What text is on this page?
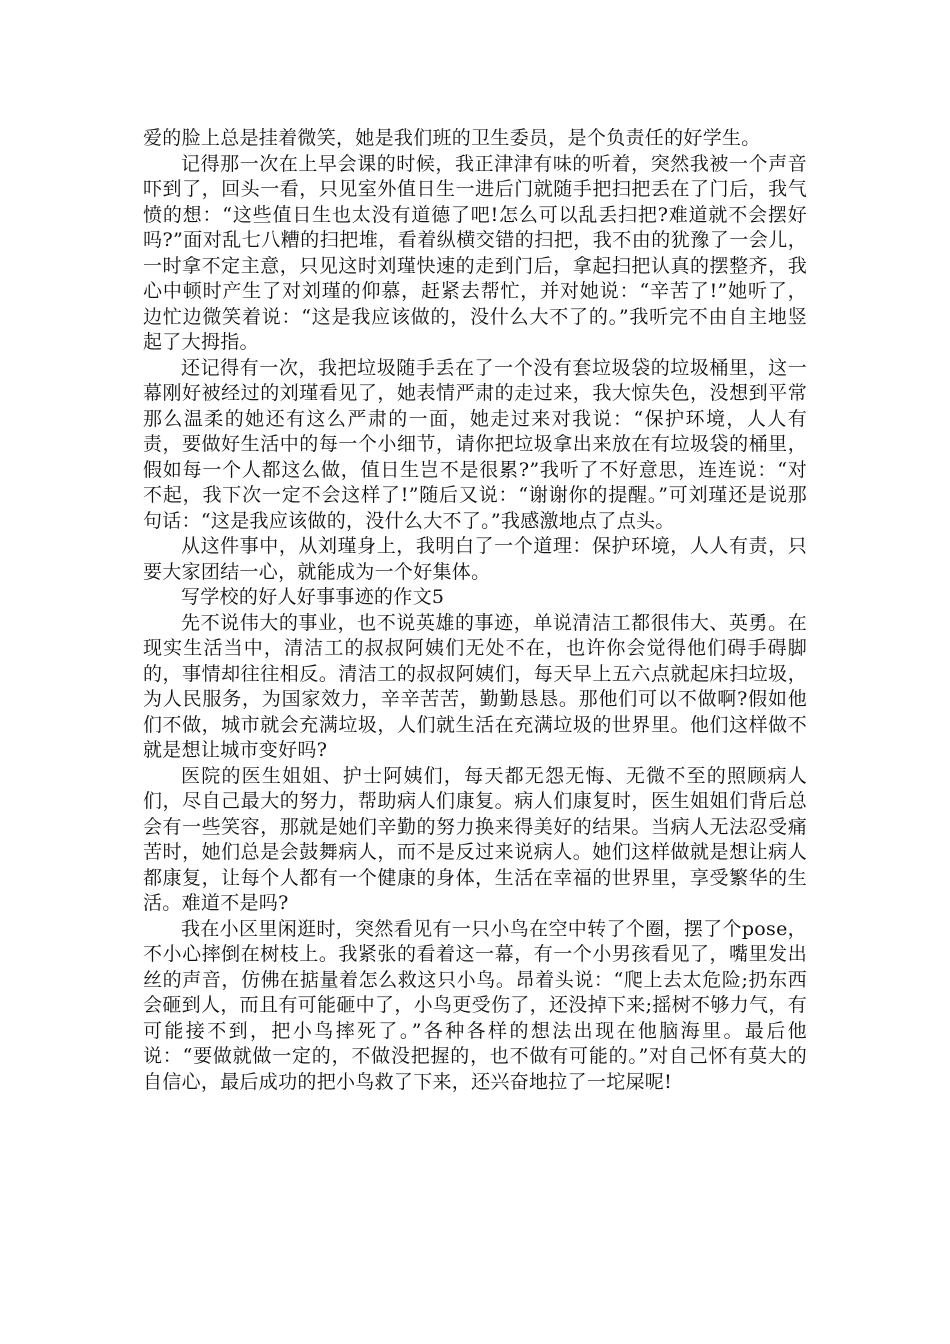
爱的脸上总是挂着微笑，她是我们班的卫生委员，是个负责任的好学生。

记得那一次在上早会课的时候，我正津津有味的听着，突然我被一个声音吓到了，回头一看，只见室外值日生一进后门就随手把扫把丢在了门后，我气愤的想：“这些值日生也太没有道德了吧!怎么可以乱丢扫把?难道就不会摆好吗?”面对乱七八糟的扫把堆，看着纵横交错的扫把，我不由的犹豫了一会儿，一时拿不定主意，只见这时刘瑾快速的走到门后，拿起扫把认真的摆整齐，我心中顿时产生了对刘瑾的仰慕，赶紧去帮忙，并对她说：“辛苦了!”她听了，边忙边微笑着说：“这是我应该做的，没什么大不了的。”我听完不由自主地竖起了大拇指。

还记得有一次，我把垃圾随手丢在了一个没有套垃圾袋的垃圾桶里，这一幕刚好被经过的刘瑾看见了，她表情严肃的走过来，我大惊失色，没想到平常那么温柔的她还有这么严肃的一面，她走过来对我说：“保护环境，人人有责，要做好生活中的每一个小细节，请你把垃圾拿出来放在有垃圾袋的桶里，假如每一个人都这么做，值日生岂不是很累?”我听了不好意思，连连说：“对不起，我下次一定不会这样了!”随后又说：“谢谢你的提醒。”可刘瑾还是说那句话：“这是我应该做的，没什么大不了。”我感激地点了点头。

从这件事中，从刘瑾身上，我明白了一个道理：保护环境，人人有责，只要大家团结一心，就能成为一个好集体。

写学校的好人好事事迹的作文5

先不说伟大的事业，也不说英雄的事迹，单说清洁工都很伟大、英勇。在现实生活当中，清洁工的叔叔阿姨们无处不在，也许你会觉得他们碍手碍脚的，事情却往往相反。清洁工的叔叔阿姨们，每天早上五六点就起床扫垃圾，为人民服务，为国家效力，辛辛苦苦，勤勤恳恳。那他们可以不做啊?假如他们不做，城市就会充满垃圾，人们就生活在充满垃圾的世界里。他们这样做不就是想让城市变好吗?

医院的医生姐姐、护士阿姨们，每天都无怨无悔、无微不至的照顾病人们，尽自己最大的努力，帮助病人们康复。病人们康复时，医生姐姐们背后总会有一些笑容，那就是她们辛勤的努力换来得美好的结果。当病人无法忍受痛苦时，她们总是会鼓舞病人，而不是反过来说病人。她们这样做就是想让病人都康复，让每个人都有一个健康的身体，生活在幸福的世界里，享受繁华的生活。难道不是吗?

我在小区里闲逛时，突然看见有一只小鸟在空中转了个圈，摆了个pose，不小心摔倒在树枝上。我紧张的看着这一幕，有一个小男孩看见了，嘴里发出丝的声音，仿佛在掂量着怎么救这只小鸟。昂着头说：“爬上去太危险;扔东西会砸到人，而且有可能砸中了，小鸟更受伤了，还没掉下来;摇树不够力气，有可能接不到，把小鸟摔死了。”各种各样的想法出现在他脑海里。最后他说：“要做就做一定的，不做没把握的，也不做有可能的。”对自己怀有莫大的自信心，最后成功的把小鸟救了下来，还兴奋地拉了一坨屎呢!
